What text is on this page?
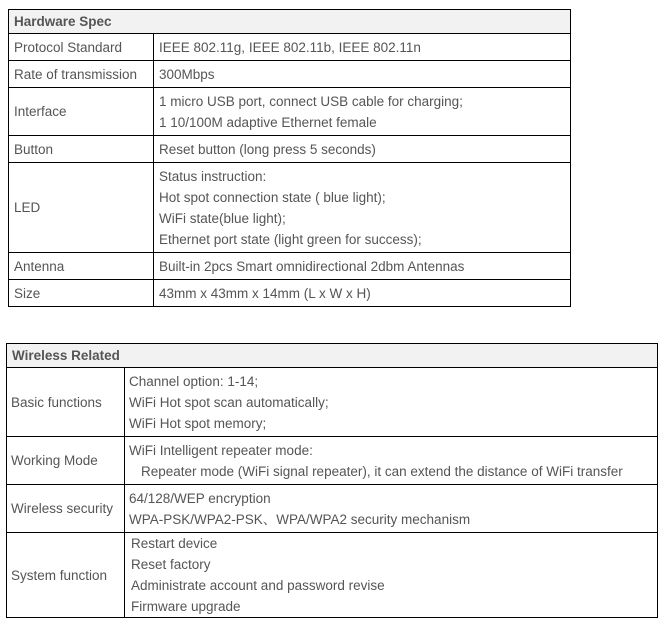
Hardware Spec	
Protocol Standard	IEEE 802.11g, IEEE 802.11b, IEEE 802.11n

Rate of transmission	300Mbps

Interface	1 micro USB port, connect USB cable for charging;
1 10/100M adaptive Ethernet female

Button	Reset button (long press 5 seconds)

LED	Status instruction:
Hot spot connection state ( blue light);
WiFi state(blue light);
Ethernet port state (light green for success);

Antenna	Built-in 2pcs Smart omnidirectional 2dbm Antennas

Size	43mm x 43mm x 14mm (L x W x H)
Wireless Related	
Basic functions	Channel option: 1-14;
WiFi Hot spot scan automatically;
WiFi Hot spot memory;

Working Mode	WiFi Intelligent repeater mode:
Repeater mode (WiFi signal repeater), it can extend the distance of WiFi transfer

Wireless security	64/128/WEP encryption
WPA-PSK/WPA2-PSK、WPA/WPA2 security mechanism

System function	Restart device
Reset factory
Administrate account and password revise
Firmware upgrade
